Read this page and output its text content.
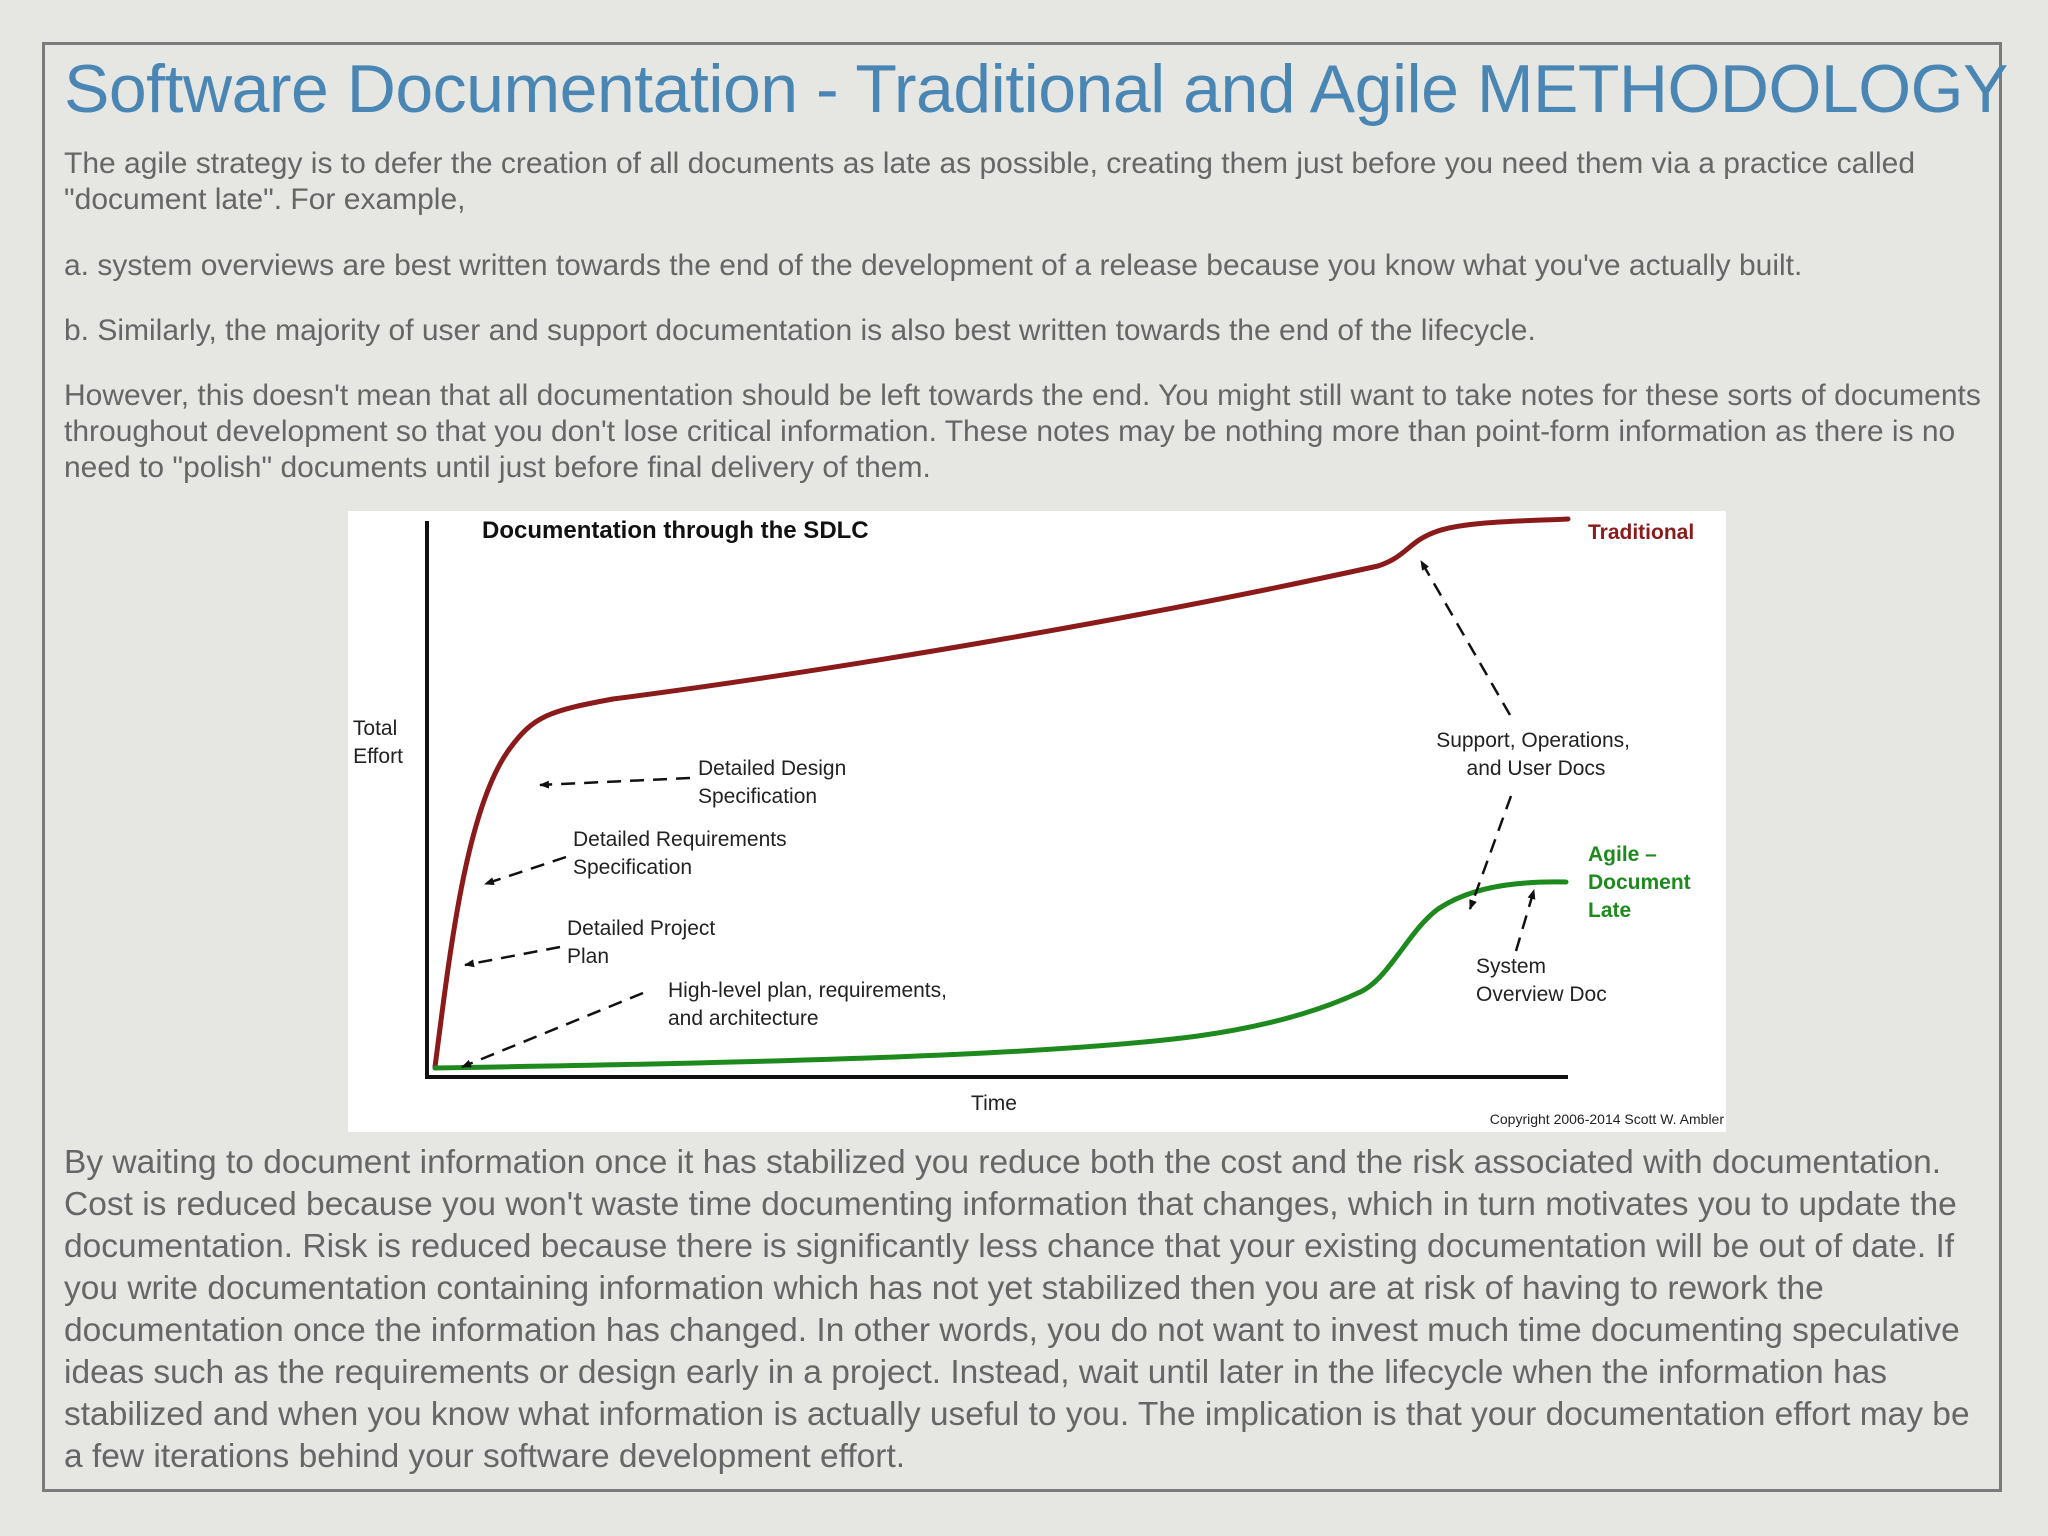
Software Documentation - Traditional and Agile METHODOLOGY

The agile strategy is to defer the creation of all documents as late as possible, creating them just before you need them via a practice called "document late". For example,

a. system overviews are best written towards the end of the development of a release because you know what you've actually built.

b. Similarly, the majority of user and support documentation is also best written towards the end of the lifecycle.

However, this doesn't mean that all documentation should be left towards the end. You might still want to take notes for these sorts of documents throughout development so that you don't lose critical information. These notes may be nothing more than point-form information as there is no need to "polish" documents until just before final delivery of them.

Documentation through the SDLC
Total Effort
Time
Copyright 2006-2014 Scott W. Ambler
Traditional
Agile – Document Late
Detailed Design Specification
Detailed Requirements Specification
Detailed Project Plan
High-level plan, requirements, and architecture
Support, Operations, and User Docs
System Overview Doc

By waiting to document information once it has stabilized you reduce both the cost and the risk associated with documentation. Cost is reduced because you won't waste time documenting information that changes, which in turn motivates you to update the documentation. Risk is reduced because there is significantly less chance that your existing documentation will be out of date. If you write documentation containing information which has not yet stabilized then you are at risk of having to rework the documentation once the information has changed. In other words, you do not want to invest much time documenting speculative ideas such as the requirements or design early in a project. Instead, wait until later in the lifecycle when the information has stabilized and when you know what information is actually useful to you. The implication is that your documentation effort may be a few iterations behind your software development effort.
